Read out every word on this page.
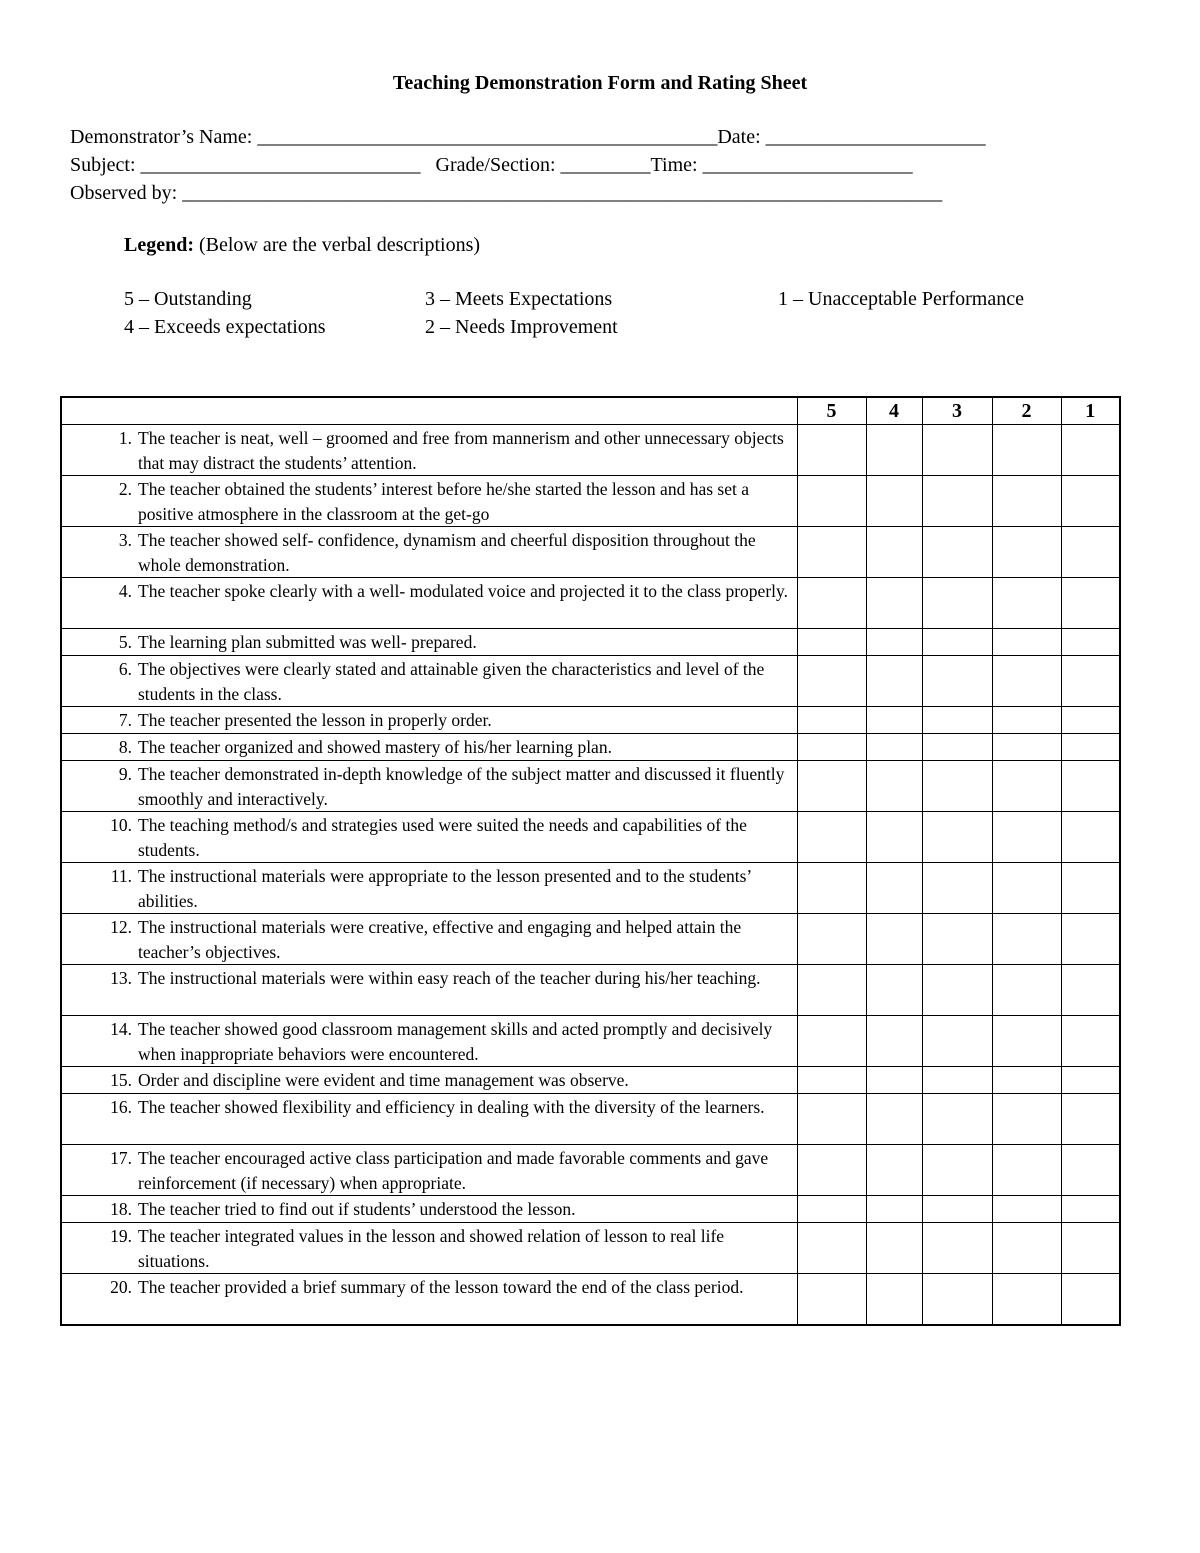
Teaching Demonstration Form and Rating Sheet
Demonstrator’s Name: ______________________________________________Date: ______________________
Subject: ____________________________   Grade/Section: _________Time: _____________________
Observed by: ____________________________________________________________________________
Legend: (Below are the verbal descriptions)
5 – Outstanding	3 – Meets Expectations	1 – Unacceptable Performance
4 – Exceeds expectations	2 – Needs Improvement
	5	4	3	2	1

1. The teacher is neat, well – groomed and free from mannerism and other unnecessary objects that may distract the students’ attention.					

2. The teacher obtained the students’ interest before he/she started the lesson and has set a positive atmosphere in the classroom at the get-go					

3. The teacher showed self- confidence, dynamism and cheerful disposition throughout the whole demonstration.					

4. The teacher spoke clearly with a well- modulated voice and projected it to the class properly.					

5. The learning plan submitted was well- prepared.					

6. The objectives were clearly stated and attainable given the characteristics and level of the students in the class.					

7. The teacher presented the lesson in properly order.					

8. The teacher organized and showed mastery of his/her learning plan.					

9. The teacher demonstrated in-depth knowledge of the subject matter and discussed it fluently smoothly and interactively.					

10. The teaching method/s and strategies used were suited the needs and capabilities of the students.					

11. The instructional materials were appropriate to the lesson presented and to the students’ abilities.					

12. The instructional materials were creative, effective and engaging and helped attain the teacher’s objectives.					

13. The instructional materials were within easy reach of the teacher during his/her teaching.					

14. The teacher showed good classroom management skills and acted promptly and decisively when inappropriate behaviors were encountered.					

15. Order and discipline were evident and time management was observe.					

16. The teacher showed flexibility and efficiency in dealing with the diversity of the learners.					

17. The teacher encouraged active class participation and made favorable comments and gave reinforcement (if necessary) when appropriate.					

18. The teacher tried to find out if students’ understood the lesson.					

19. The teacher integrated values in the lesson and showed relation of lesson to real life situations.					

20. The teacher provided a brief summary of the lesson toward the end of the class period.					
